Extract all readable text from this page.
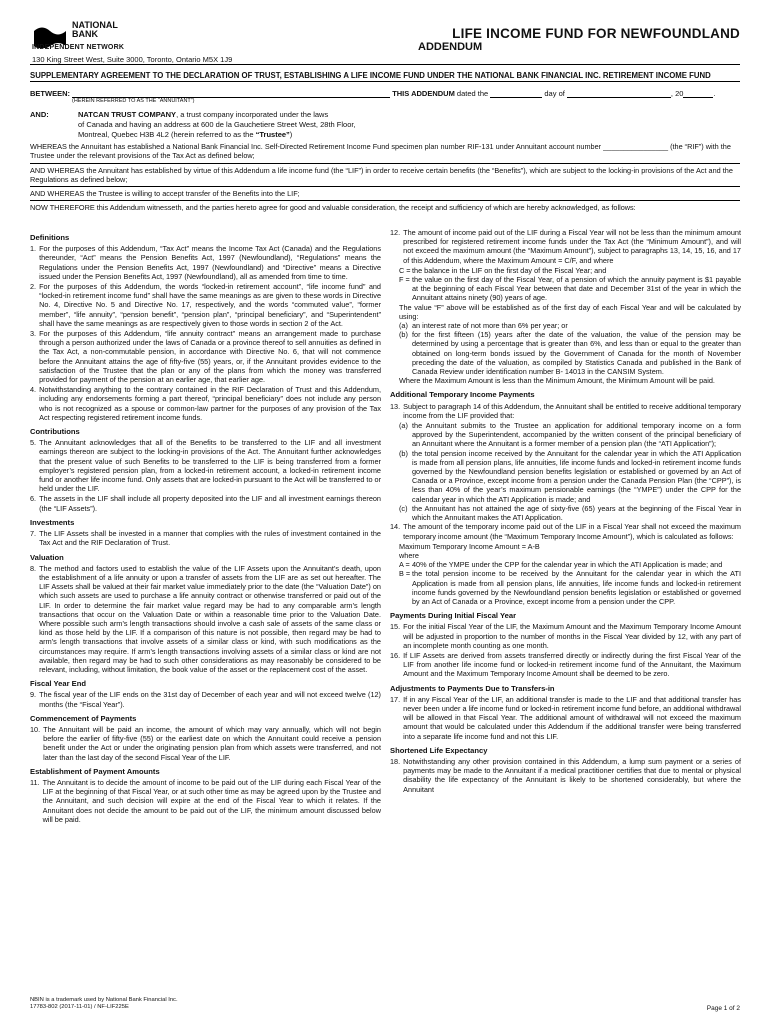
NATIONAL
BANK
INDEPENDENT NETWORK
130 King Street West, Suite 3000, Toronto, Ontario M5X 1J9
LIFE INCOME FUND FOR NEWFOUNDLAND
ADDENDUM
SUPPLEMENTARY AGREEMENT TO THE DECLARATION OF TRUST, ESTABLISHING A LIFE INCOME FUND UNDER THE NATIONAL BANK FINANCIAL INC. RETIREMENT INCOME FUND
BETWEEN:	THIS ADDENDUM dated the	day of	, 20	.
(HEREIN REFERRED TO AS THE “ANNUITANT”)
AND:	NATCAN TRUST COMPANY, a trust company incorporated under the laws
of Canada and having an address at 600 de la Gauchetiere Street West, 28th Floor,
Montreal, Quebec H3B 4L2 (herein referred to as the “Trustee”)
WHEREAS the Annuitant has established a National Bank Financial Inc. Self-Directed Retirement Income Fund specimen plan number RIF-131 under Annuitant account number ________________ (the “RIF”) with the Trustee under the relevant provisions of the Tax Act as defined below;
AND WHEREAS the Annuitant has established by virtue of this Addendum a life income fund (the “LIF”) in order to receive certain benefits (the “Benefits”), which are subject to the locking-in provisions of the Act and the Regulations as defined below;
AND WHEREAS the Trustee is willing to accept transfer of the Benefits into the LIF;
NOW THEREFORE this Addendum witnesseth, and the parties hereto agree for good and valuable consideration, the receipt and sufficiency of which are hereby acknowledged, as follows:
Definitions
1. For the purposes of this Addendum, “Tax Act” means the Income Tax Act (Canada) and the Regulations thereunder, “Act” means the Pension Benefits Act, 1997 (Newfoundland), “Regulations” means the Regulations under the Pension Benefits Act, 1997 (Newfoundland) and “Directive” means a Directive issued under the Pension Benefits Act, 1997 (Newfoundland), all as amended from time to time.
2. For the purposes of this Addendum, the words “locked-in retirement account”, “life income fund” and “locked-in retirement income fund” shall have the same meanings as are given to these words in Directive No. 4, Directive No. 5 and Directive No. 17, respectively, and the words “commuted value”, “former member”, “life annuity”, “pension benefit”, “pension plan”, “principal beneficiary”, and “Superintendent” shall have the same meanings as are respectively given to those words in section 2 of the Act.
3. For the purposes of this Addendum, “life annuity contract” means an arrangement made to purchase through a person authorized under the laws of Canada or a province thereof to sell annuities as defined in the Tax Act, a non-commutable pension, in accordance with Directive No. 6, that will not commence before the Annuitant attains the age of fifty-five (55) years, or, if the Annuitant provides evidence to the satisfaction of the Trustee that the plan or any of the plans from which the money was transferred provided for payment of the pension at an earlier age, that earlier age.
4. Notwithstanding anything to the contrary contained in the RIF Declaration of Trust and this Addendum, including any endorsements forming a part thereof, “principal beneficiary” does not include any person who is not recognized as a spouse or common-law partner for the purposes of any provision of the Tax Act respecting registered retirement income funds.
Contributions
5. The Annuitant acknowledges that all of the Benefits to be transferred to the LIF and all investment earnings thereon are subject to the locking-in provisions of the Act. The Annuitant further acknowledges that the present value of such Benefits to be transferred to the LIF is being transferred from a former employer’s registered pension plan, from a locked-in retirement account, a locked-in retirement income fund or another life income fund. Only assets that are locked-in pursuant to the Act will be transferred to or held under the LIF.
6. The assets in the LIF shall include all property deposited into the LIF and all investment earnings thereon (the “LIF Assets”).
Investments
7. The LIF Assets shall be invested in a manner that complies with the rules of investment contained in the Tax Act and the RIF Declaration of Trust.
Valuation
8. The method and factors used to establish the value of the LIF Assets upon the Annuitant’s death, upon the establishment of a life annuity or upon a transfer of assets from the LIF are as set out hereafter. The LIF Assets shall be valued at their fair market value immediately prior to the date (the “Valuation Date”) on which such assets are used to purchase a life annuity contract or otherwise transferred or paid out of the LIF. In order to determine the fair market value regard may be had to any comparable arm’s length transactions that occur on the Valuation Date or within a reasonable time prior to the Valuation Date. Where possible such arm’s length transactions should involve a cash sale of assets of the same class or kind as those held by the LIF. If a comparison of this nature is not possible, then regard may be had to arm’s length transactions that involve assets of a similar class or kind, with such modifications as the circumstances may require. If arm’s length transactions involving assets of a similar class or kind are not available, then regard may be had to such other considerations as may reasonably be considered to be relevant, including, without limitation, the book value of the asset or the replacement cost of the asset.
Fiscal Year End
9. The fiscal year of the LIF ends on the 31st day of December of each year and will not exceed twelve (12) months (the “Fiscal Year”).
Commencement of Payments
10. The Annuitant will be paid an income, the amount of which may vary annually, which will not begin before the earlier of fifty-five (55) or the earliest date on which the Annuitant could receive a pension benefit under the Act or under the originating pension plan from which assets were transferred, and not later than the last day of the second Fiscal Year of the LIF.
Establishment of Payment Amounts
11. The Annuitant is to decide the amount of income to be paid out of the LIF during each Fiscal Year of the LIF at the beginning of that Fiscal Year, or at such other time as may be agreed upon by the Trustee and the Annuitant, and such decision will expire at the end of the Fiscal Year to which it relates. If the Annuitant does not decide the amount to be paid out of the LIF, the minimum amount discussed below will be paid.
12. The amount of income paid out of the LIF during a Fiscal Year will not be less than the minimum amount prescribed for registered retirement income funds under the Tax Act (the “Minimum Amount”), and will not exceed the maximum amount (the “Maximum Amount”), subject to paragraphs 13, 14, 15, 16, and 17 of this Addendum, where the Maximum Amount = C/F, and where
C = the balance in the LIF on the first day of the Fiscal Year; and
F = the value on the first day of the Fiscal Year, of a pension of which the annuity payment is $1 payable at the beginning of each Fiscal Year between that date and December 31st of the year in which the Annuitant attains ninety (90) years of age.
The value “F” above will be established as of the first day of each Fiscal Year and will be calculated by using:
(a) an interest rate of not more than 6% per year; or
(b) for the first fifteen (15) years after the date of the valuation, the value of the pension may be determined by using a percentage that is greater than 6%, and less than or equal to the greater than obtained on long-term bonds issued by the Government of Canada for the month of November preceding the date of the valuation, as compiled by Statistics Canada and published in the Bank of Canada Review under identification number B- 14013 in the CANSIM System.
Where the Maximum Amount is less than the Minimum Amount, the Minimum Amount will be paid.
Additional Temporary Income Payments
13. Subject to paragraph 14 of this Addendum, the Annuitant shall be entitled to receive additional temporary income from the LIF provided that:
(a) the Annuitant submits to the Trustee an application for additional temporary income on a form approved by the Superintendent, accompanied by the written consent of the principal beneficiary of an Annuitant where the Annuitant is a former member of a pension plan (the “ATI Application”);
(b) the total pension income received by the Annuitant for the calendar year in which the ATI Application is made from all pension plans, life annuities, life income funds and locked-in retirement income funds governed by the Newfoundland pension benefits legislation or established or governed by an Act of Canada or a Province, except income from a pension under the Canada Pension Plan (the “CPP”), is less than 40% of the year’s maximum pensionable earnings (the “YMPE”) under the CPP for the calendar year in which the ATI Application is made; and
(c) the Annuitant has not attained the age of sixty-five (65) years at the beginning of the Fiscal Year in which the Annuitant makes the ATI Application.
14. The amount of the temporary income paid out of the LIF in a Fiscal Year shall not exceed the maximum temporary income amount (the “Maximum Temporary Income Amount”), which is calculated as follows:
Maximum Temporary Income Amount = A-B
where
A = 40% of the YMPE under the CPP for the calendar year in which the ATI Application is made; and
B = the total pension income to be received by the Annuitant for the calendar year in which the ATI Application is made from all pension plans, life annuities, life income funds and locked-in retirement income funds governed by the Newfoundland pension benefits legislation or established or governed by an Act of Canada or a Province, except income from a pension under the CPP.
Payments During Initial Fiscal Year
15. For the initial Fiscal Year of the LIF, the Maximum Amount and the Maximum Temporary Income Amount will be adjusted in proportion to the number of months in the Fiscal Year divided by 12, with any part of an incomplete month counting as one month.
16. If LIF Assets are derived from assets transferred directly or indirectly during the first Fiscal Year of the LIF from another life income fund or locked-in retirement income fund of the Annuitant, the Maximum Amount and the Maximum Temporary Income Amount shall be deemed to be zero.
Adjustments to Payments Due to Transfers-in
17. If in any Fiscal Year of the LIF, an additional transfer is made to the LIF and that additional transfer has never been under a life income fund or locked-in retirement income fund before, an additional withdrawal will be allowed in that Fiscal Year. The additional amount of withdrawal will not exceed the maximum amount that would be calculated under this Addendum if the additional transfer were being transferred into a separate life income fund and not this LIF.
Shortened Life Expectancy
18. Notwithstanding any other provision contained in this Addendum, a lump sum payment or a series of payments may be made to the Annuitant if a medical practitioner certifies that due to mental or physical disability the life expectancy of the Annuitant is likely to be shortened considerably, but where the Annuitant
NBIN is a trademark used by National Bank Financial Inc.
17783-802 (2017-11-01) / NF-LIF225E	Page 1 of 2
